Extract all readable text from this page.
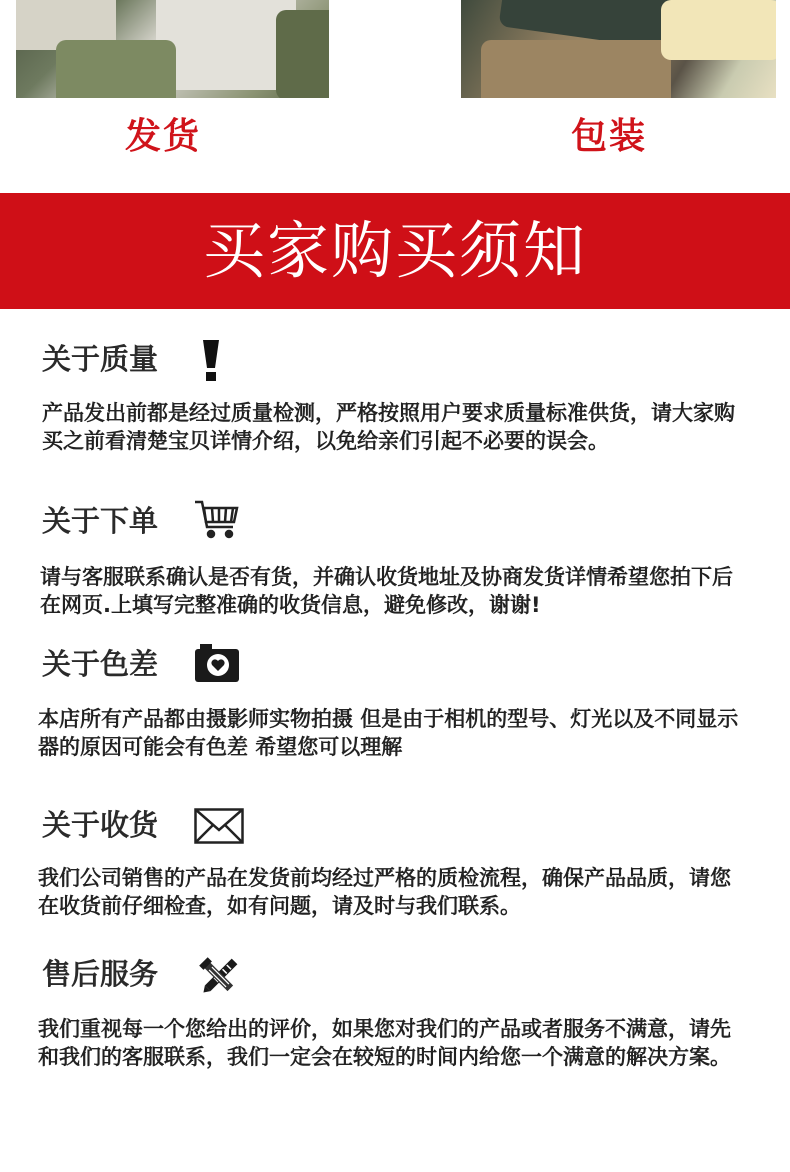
发货	包装
买家购买须知
关于质量
产品发出前都是经过质量检测，严格按照用户要求质量标准供货，请大家购买之前看清楚宝贝详情介绍，以免给亲们引起不必要的误会。
关于下单
请与客服联系确认是否有货，并确认收货地址及协商发货详情希望您拍下后在网页.上填写完整准确的收货信息，避免修改，谢谢!
关于色差
本店所有产品都由摄影师实物拍摄 但是由于相机的型号、灯光以及不同显示器的原因可能会有色差 希望您可以理解
关于收货
我们公司销售的产品在发货前均经过严格的质检流程，确保产品品质，请您在收货前仔细检查，如有问题，请及时与我们联系。
售后服务
我们重视每一个您给出的评价，如果您对我们的产品或者服务不满意，请先和我们的客服联系，我们一定会在较短的时间内给您一个满意的解决方案。
